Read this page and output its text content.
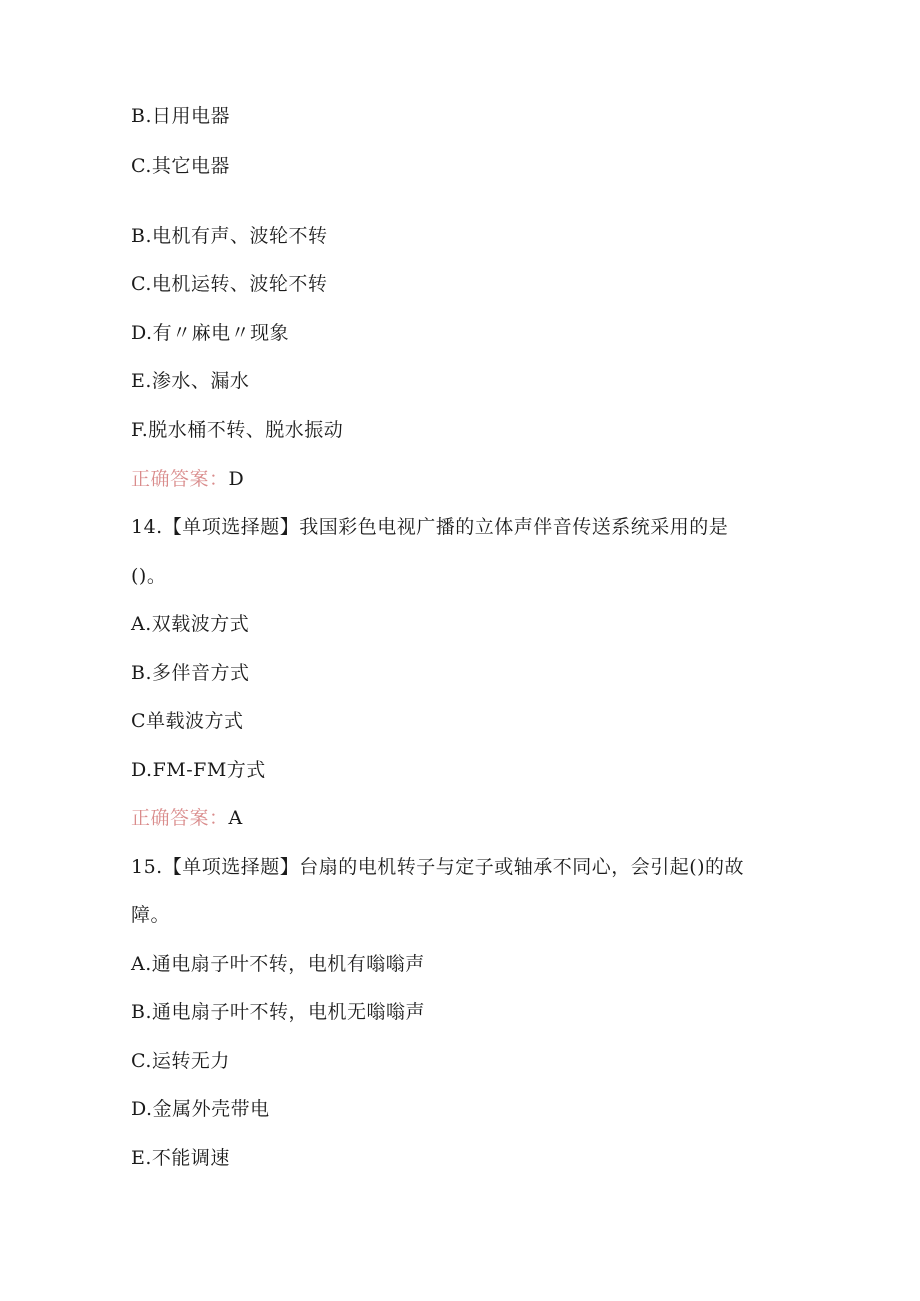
B.日用电器
C.其它电器
B.电机有声、波轮不转
C.电机运转、波轮不转
D.有〃麻电〃现象
E.渗水、漏水
F.脱水桶不转、脱水振动
正确答案：D
14.【单项选择题】我国彩色电视广播的立体声伴音传送系统采用的是
()。
A.双载波方式
B.多伴音方式
C单载波方式
D.FM-FM方式
正确答案：A
15.【单项选择题】台扇的电机转子与定子或轴承不同心，会引起()的故
障。
A.通电扇子叶不转，电机有嗡嗡声
B.通电扇子叶不转，电机无嗡嗡声
C.运转无力
D.金属外壳带电
E.不能调速
